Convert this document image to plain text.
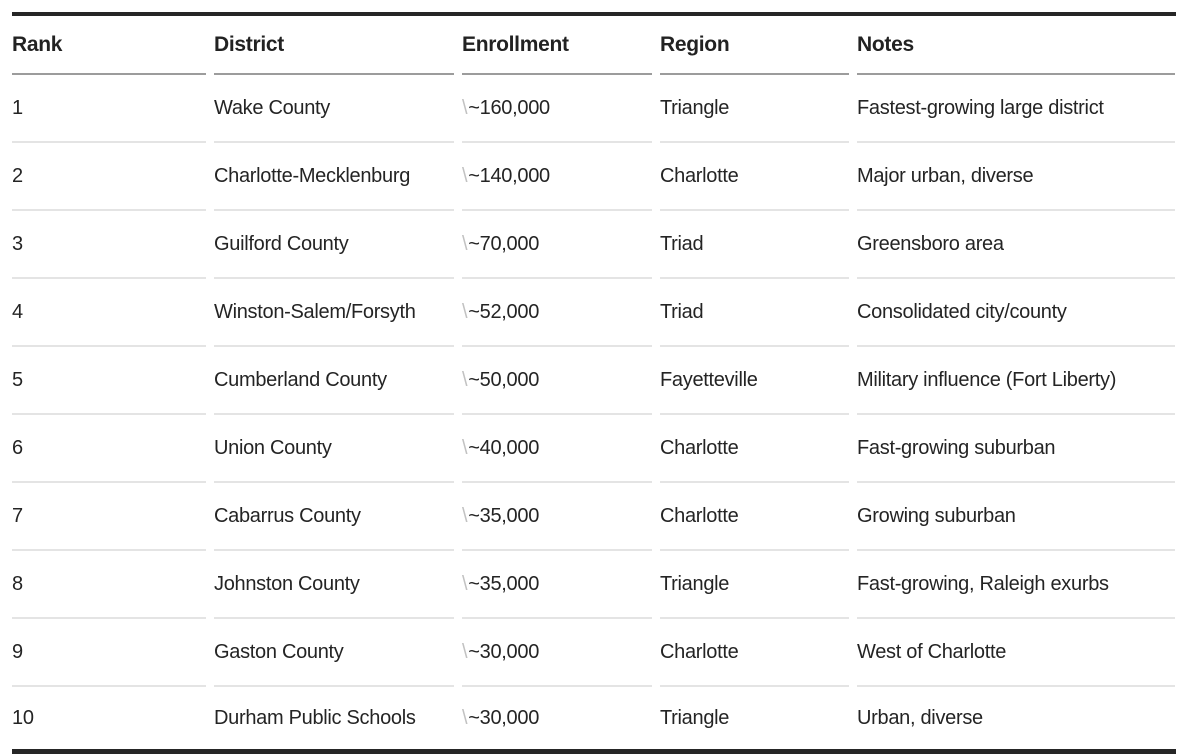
Rank	District	Enrollment	Region	Notes
1	Wake County	\ ~160,000	Triangle	Fastest-growing large district
2	Charlotte-Mecklenburg	\ ~140,000	Charlotte	Major urban, diverse
3	Guilford County	\ ~70,000	Triad	Greensboro area
4	Winston-Salem/Forsyth	\ ~52,000	Triad	Consolidated city/county
5	Cumberland County	\ ~50,000	Fayetteville	Military influence (Fort Liberty)
6	Union County	\ ~40,000	Charlotte	Fast-growing suburban
7	Cabarrus County	\ ~35,000	Charlotte	Growing suburban
8	Johnston County	\ ~35,000	Triangle	Fast-growing, Raleigh exurbs
9	Gaston County	\ ~30,000	Charlotte	West of Charlotte
10	Durham Public Schools	\ ~30,000	Triangle	Urban, diverse
